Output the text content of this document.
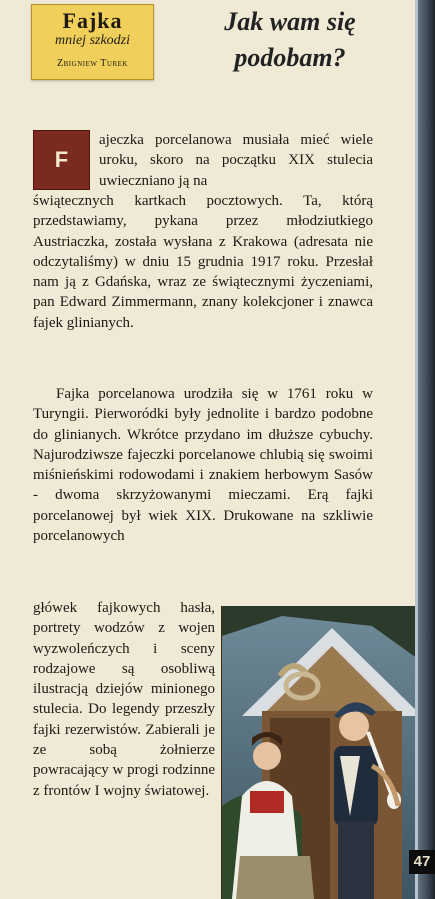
Fajka
mniej szkodzi
Zbigniew Turek
Jak wam się podobam?
F

ajeczka porcelanowa musiała mieć wiele uroku, skoro na początku XIX stulecia uwieczniano ją na

świątecznych kartkach pocztowych. Ta, którą przedstawiamy, pykana przez młodziutkiego Austriaczka, została wysłana z Krakowa (adresata nie odczytaliśmy) w dniu 15 grudnia 1917 roku. Przesłał nam ją z Gdańska, wraz ze świątecznymi życzeniami, pan Edward Zimmermann, znany kolekcjoner i znawca fajek glinianych.

Fajka porcelanowa urodziła się w 1761 roku w Turyngii. Pierworódki były jednolite i bardzo podobne do glinianych. Wkrótce przydano im dłuższe cybuchy. Najurodziwsze fajeczki porcelanowe chlubią się swoimi miśnieńskimi rodowodami i znakiem herbowym Sasów - dwoma skrzyżowanymi mieczami. Erą fajki porcelanowej był wiek XIX. Drukowane na szkliwie porcelanowych

główek fajkowych hasła, portrety wodzów z wojen wyzwoleńczych i sceny rodzajowe są osobliwą ilustracją dziejów minionego stulecia. Do legendy przeszły fajki rezerwistów. Zabierali je ze sobą żołnierze powracający w progi rodzinne z frontów I wojny światowej.

47
